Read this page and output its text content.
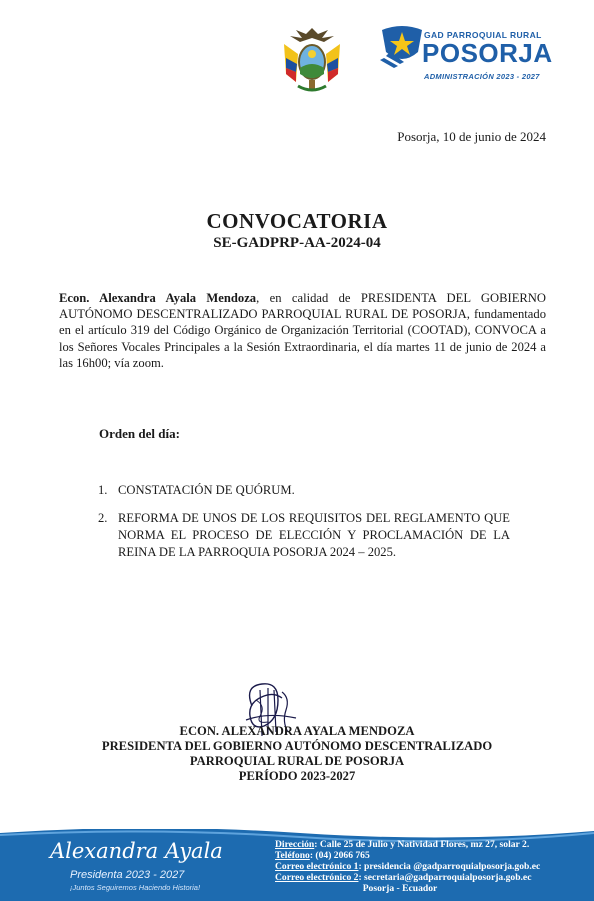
GAD PARROQUIAL RURAL
POSORJA
ADMINISTRACIÓN 2023 - 2027
Posorja, 10 de junio de 2024
CONVOCATORIA
SE-GADPRP-AA-2024-04
Econ. Alexandra Ayala Mendoza, en calidad de PRESIDENTA DEL GOBIERNO AUTÓNOMO DESCENTRALIZADO PARROQUIAL RURAL DE POSORJA, fundamentado en el artículo 319 del Código Orgánico de Organización Territorial (COOTAD), CONVOCA a los Señores Vocales Principales a la Sesión Extraordinaria, el día martes 11 de junio de 2024 a las 16h00; vía zoom.
Orden del día:
1. CONSTATACIÓN DE QUÓRUM.
2. REFORMA DE UNOS DE LOS REQUISITOS DEL REGLAMENTO QUE NORMA EL PROCESO DE ELECCIÓN Y PROCLAMACIÓN DE LA REINA DE LA PARROQUIA POSORJA 2024 – 2025.
ECON. ALEXANDRA AYALA MENDOZA
PRESIDENTA DEL GOBIERNO AUTÓNOMO DESCENTRALIZADO
PARROQUIAL RURAL DE POSORJA
PERÍODO 2023-2027
Alexandra Ayala
Presidenta 2023 - 2027
¡Juntos Seguiremos Haciendo Historia!
Dirección: Calle 25 de Julio y Natividad Flores, mz 27, solar 2.
Teléfono: (04) 2066 765
Correo electrónico 1: presidencia @gadparroquialposorja.gob.ec
Correo electrónico 2: secretaria@gadparroquialposorja.gob.ec
Posorja - Ecuador
